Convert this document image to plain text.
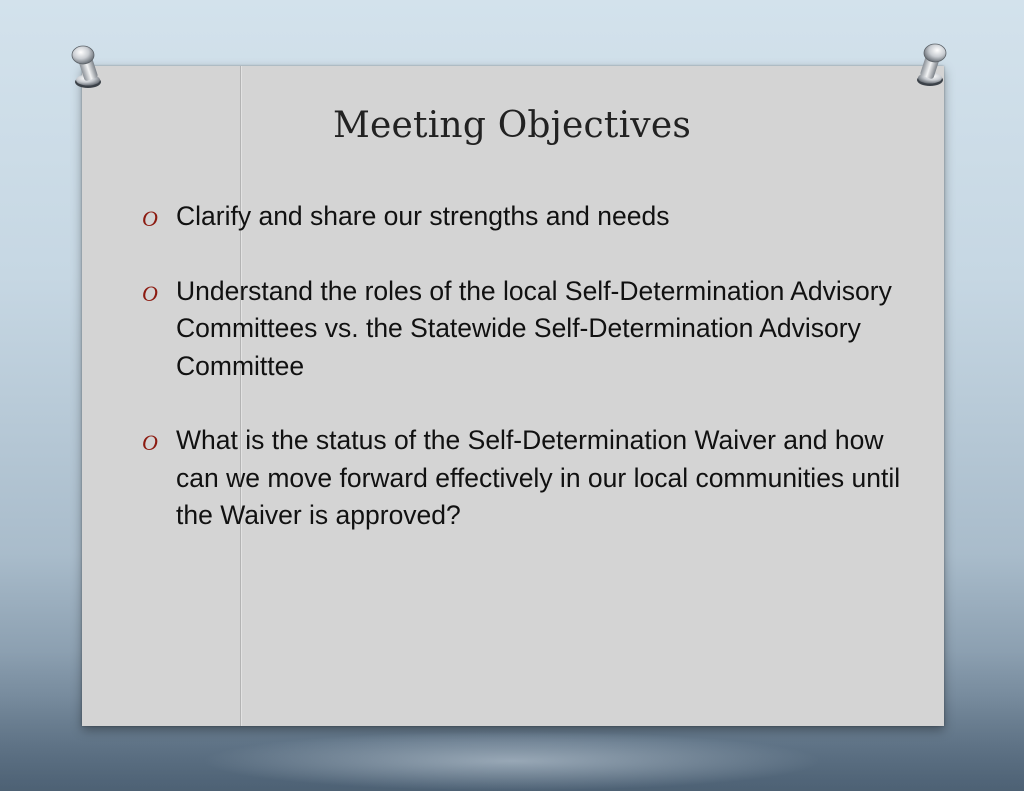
Meeting Objectives
O Clarify and share our strengths and needs
O Understand the roles of the local Self-Determination Advisory Committees vs. the Statewide Self-Determination Advisory Committee
O What is the status of the Self-Determination Waiver and how can we move forward effectively in our local communities until the Waiver is approved?
